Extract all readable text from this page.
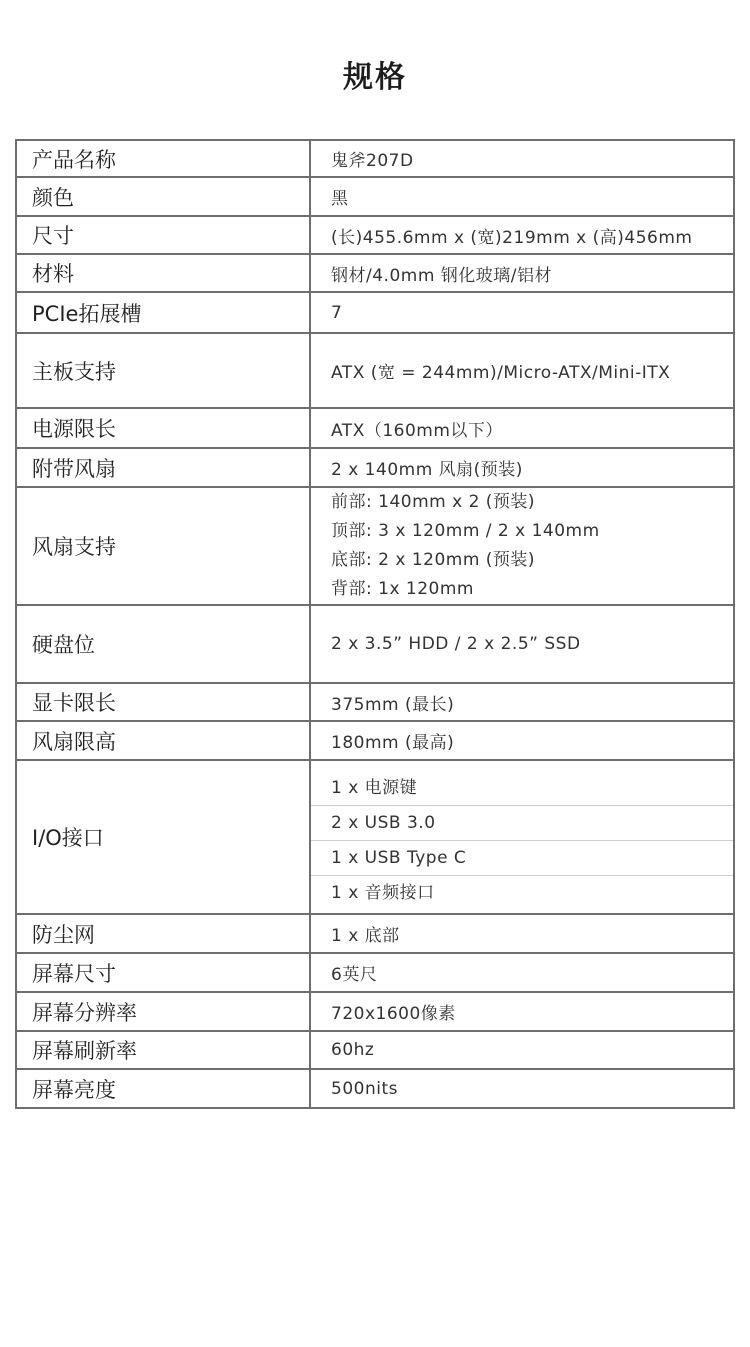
规格
产品名称	鬼斧207D
颜色	黑
尺寸	(长)455.6mm x (宽)219mm x (高)456mm
材料	钢材/4.0mm 钢化玻璃/铝材
PCIe拓展槽	7
主板支持	ATX (宽 = 244mm)/Micro-ATX/Mini-ITX
电源限长	ATX（160mm以下）
附带风扇	2 x 140mm 风扇(预装)
风扇支持	前部: 140mm x 2 (预装)
顶部: 3 x 120mm / 2 x 140mm
底部: 2 x 120mm (预装)
背部: 1x 120mm

硬盘位	2 x 3.5” HDD / 2 x 2.5” SSD
显卡限长	375mm (最长)
风扇限高	180mm (最高)
I/O接口	1 x 电源键
2 x USB 3.0
1 x USB Type C
1 x 音频接口

防尘网	1 x 底部
屏幕尺寸	6英尺
屏幕分辨率	720x1600像素
屏幕刷新率	60hz
屏幕亮度	500nits
